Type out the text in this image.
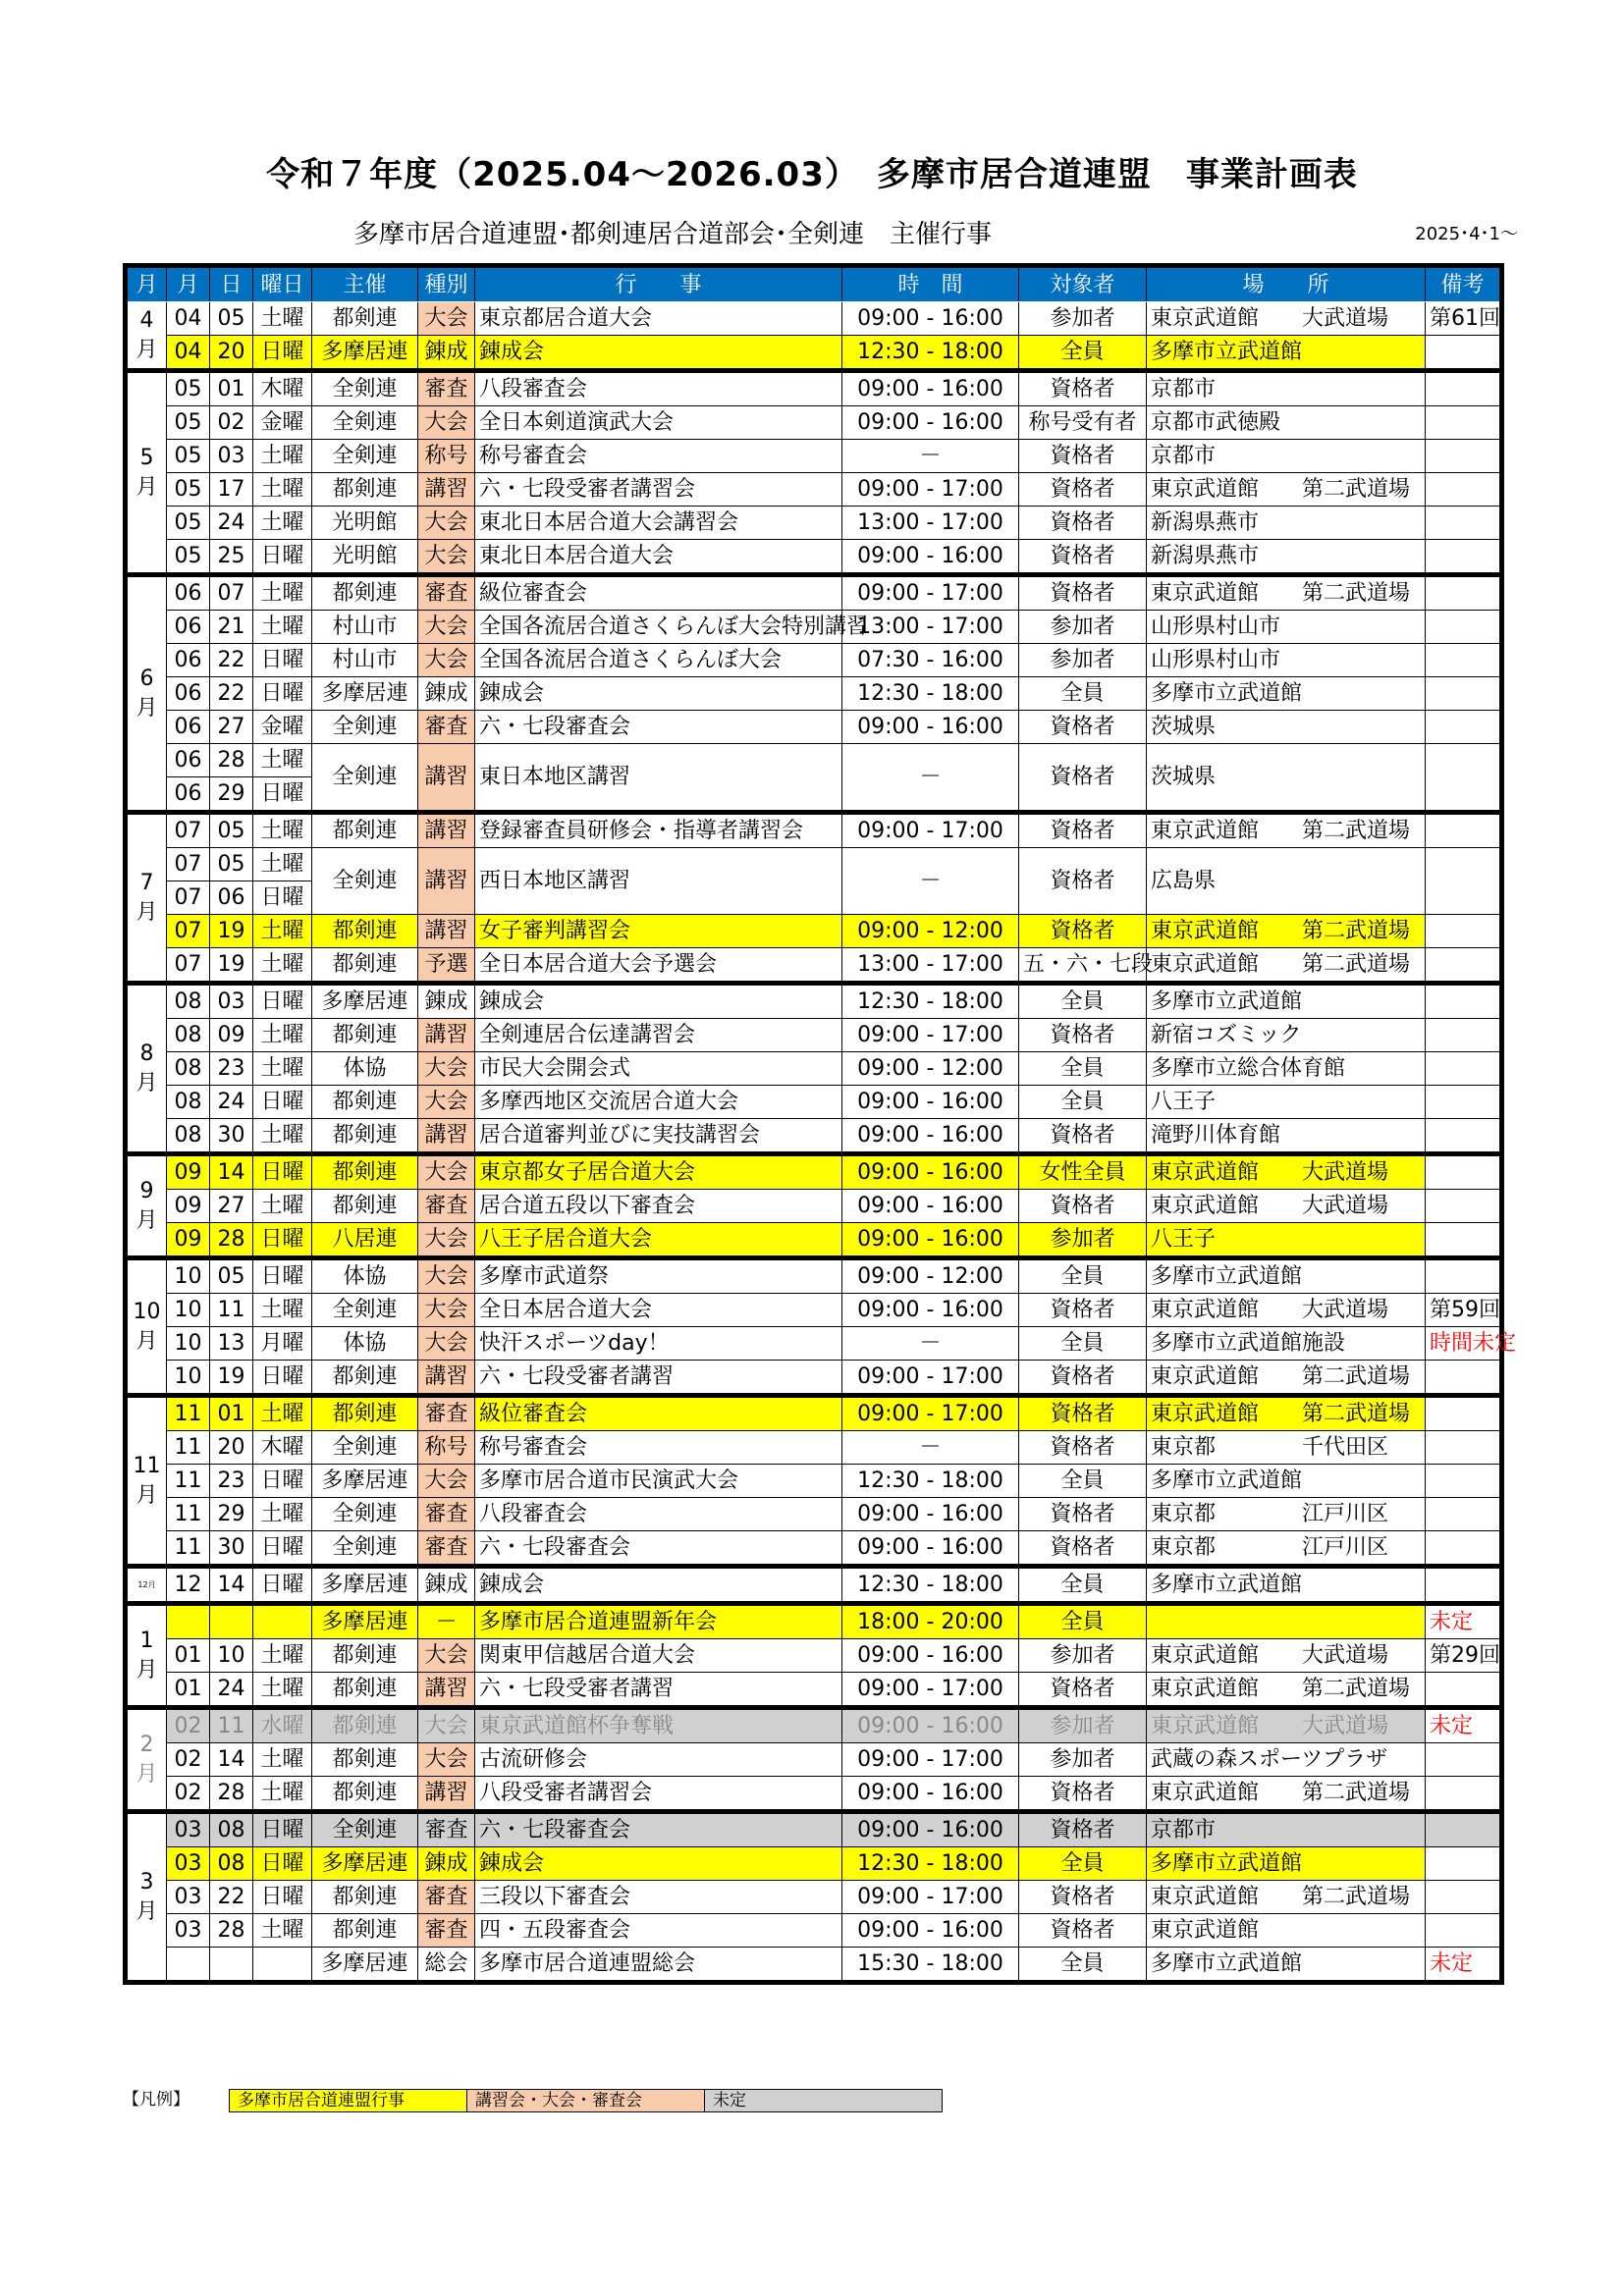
令和７年度（2025.04～2026.03）　多摩市居合道連盟　事業計画表
多摩市居合道連盟･都剣連居合道部会･全剣連　主催行事	2025･4･1～
月	月	日	曜日	主催	種別	行　　事	時　間	対象者	場　　所	備考
4月	04	05	土曜	都剣連	大会	東京都居合道大会	09:00 - 16:00	参加者	東京武道館　　大武道場	第61回
	04	20	日曜	多摩居連	錬成	錬成会	12:30 - 18:00	全員	多摩市立武道館	
5月	05	01	木曜	全剣連	審査	八段審査会	09:00 - 16:00	資格者	京都市	
	05	02	金曜	全剣連	大会	全日本剣道演武大会	09:00 - 16:00	称号受有者	京都市武徳殿	
	05	03	土曜	全剣連	称号	称号審査会	－	資格者	京都市	
	05	17	土曜	都剣連	講習	六・七段受審者講習会	09:00 - 17:00	資格者	東京武道館　　第二武道場	
	05	24	土曜	光明館	大会	東北日本居合道大会講習会	13:00 - 17:00	資格者	新潟県燕市	
	05	25	日曜	光明館	大会	東北日本居合道大会	09:00 - 16:00	資格者	新潟県燕市	
6月	06	07	土曜	都剣連	審査	級位審査会	09:00 - 17:00	資格者	東京武道館　　第二武道場	
	06	21	土曜	村山市	大会	全国各流居合道さくらんぼ大会特別講習	13:00 - 17:00	参加者	山形県村山市	
	06	22	日曜	村山市	大会	全国各流居合道さくらんぼ大会	07:30 - 16:00	参加者	山形県村山市	
	06	22	日曜	多摩居連	錬成	錬成会	12:30 - 18:00	全員	多摩市立武道館	
	06	27	金曜	全剣連	審査	六・七段審査会	09:00 - 16:00	資格者	茨城県	
	06	28	土曜	全剣連	講習	東日本地区講習	－	資格者	茨城県	
	06	29	日曜							
7月	07	05	土曜	都剣連	講習	登録審査員研修会・指導者講習会	09:00 - 17:00	資格者	東京武道館　　第二武道場	
	07	05	土曜	全剣連	講習	西日本地区講習	－	資格者	広島県	
	07	06	日曜							
	07	19	土曜	都剣連	講習	女子審判講習会	09:00 - 12:00	資格者	東京武道館　　第二武道場	
	07	19	土曜	都剣連	予選	全日本居合道大会予選会	13:00 - 17:00	五・六・七段	東京武道館　　第二武道場	
8月	08	03	日曜	多摩居連	錬成	錬成会	12:30 - 18:00	全員	多摩市立武道館	
	08	09	土曜	都剣連	講習	全剣連居合伝達講習会	09:00 - 17:00	資格者	新宿コズミック	
	08	23	土曜	体協	大会	市民大会開会式	09:00 - 12:00	全員	多摩市立総合体育館	
	08	24	日曜	都剣連	大会	多摩西地区交流居合道大会	09:00 - 16:00	全員	八王子	
	08	30	土曜	都剣連	講習	居合道審判並びに実技講習会	09:00 - 16:00	資格者	滝野川体育館	
9月	09	14	日曜	都剣連	大会	東京都女子居合道大会	09:00 - 16:00	女性全員	東京武道館　　大武道場	
	09	27	土曜	都剣連	審査	居合道五段以下審査会	09:00 - 16:00	資格者	東京武道館　　大武道場	
	09	28	日曜	八居連	大会	八王子居合道大会	09:00 - 16:00	参加者	八王子	
10月	10	05	日曜	体協	大会	多摩市武道祭	09:00 - 12:00	全員	多摩市立武道館	
	10	11	土曜	全剣連	大会	全日本居合道大会	09:00 - 16:00	資格者	東京武道館　　大武道場	第59回
	10	13	月曜	体協	大会	快汗スポーツday！	－	全員	多摩市立武道館施設	時間未定
	10	19	日曜	都剣連	講習	六・七段受審者講習	09:00 - 17:00	資格者	東京武道館　　第二武道場	
11月	11	01	土曜	都剣連	審査	級位審査会	09:00 - 17:00	資格者	東京武道館　　第二武道場	
	11	20	木曜	全剣連	称号	称号審査会	－	資格者	東京都　　　　千代田区	
	11	23	日曜	多摩居連	大会	多摩市居合道市民演武大会	12:30 - 18:00	全員	多摩市立武道館	
	11	29	土曜	全剣連	審査	八段審査会	09:00 - 16:00	資格者	東京都　　　　江戸川区	
	11	30	日曜	全剣連	審査	六・七段審査会	09:00 - 16:00	資格者	東京都　　　　江戸川区	
12月	12	14	日曜	多摩居連	錬成	錬成会	12:30 - 18:00	全員	多摩市立武道館	
1月				多摩居連	－	多摩市居合道連盟新年会	18:00 - 20:00	全員		未定
	01	10	土曜	都剣連	大会	関東甲信越居合道大会	09:00 - 16:00	参加者	東京武道館　　大武道場	第29回
	01	24	土曜	都剣連	講習	六・七段受審者講習	09:00 - 17:00	資格者	東京武道館　　第二武道場	
2月	02	11	水曜	都剣連	大会	東京武道館杯争奪戦	09:00 - 16:00	参加者	東京武道館　　大武道場	未定
	02	14	土曜	都剣連	大会	古流研修会	09:00 - 17:00	参加者	武蔵の森スポーツプラザ	
	02	28	土曜	都剣連	講習	八段受審者講習会	09:00 - 16:00	資格者	東京武道館　　第二武道場	
3月	03	08	日曜	全剣連	審査	六・七段審査会	09:00 - 16:00	資格者	京都市	
	03	08	日曜	多摩居連	錬成	錬成会	12:30 - 18:00	全員	多摩市立武道館	
	03	22	日曜	都剣連	審査	三段以下審査会	09:00 - 17:00	資格者	東京武道館　　第二武道場	
	03	28	土曜	都剣連	審査	四・五段審査会	09:00 - 16:00	資格者	東京武道館	
				多摩居連	総会	多摩市居合道連盟総会	15:30 - 18:00	全員	多摩市立武道館	未定
【凡例】	多摩市居合道連盟行事	講習会・大会・審査会	未定
